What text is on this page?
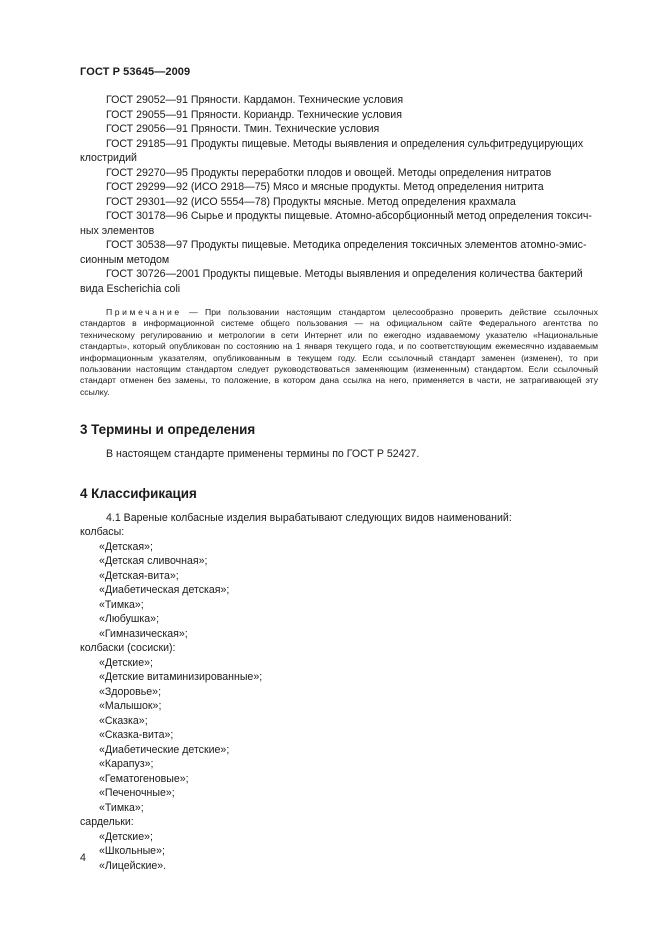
ГОСТ Р 53645—2009
ГОСТ 29052—91 Пряности. Кардамон. Технические условия
ГОСТ 29055—91 Пряности. Кориандр. Технические условия
ГОСТ 29056—91 Пряности. Тмин. Технические условия
ГОСТ 29185—91 Продукты пищевые. Методы выявления и определения сульфитредуцирующих
клостридий
ГОСТ 29270—95 Продукты переработки плодов и овощей. Методы определения нитратов
ГОСТ 29299—92 (ИСО 2918—75) Мясо и мясные продукты. Метод определения нитрита
ГОСТ 29301—92 (ИСО 5554—78) Продукты мясные. Метод определения крахмала
ГОСТ 30178—96 Сырье и продукты пищевые. Атомно-абсорбционный метод определения токсич-
ных элементов
ГОСТ 30538—97 Продукты пищевые. Методика определения токсичных элементов атомно-эмис-
сионным методом
ГОСТ 30726—2001 Продукты пищевые. Методы выявления и определения количества бактерий
вида Escherichia coli
Примечание — При пользовании настоящим стандартом целесообразно проверить действие ссылочных стандартов в информационной системе общего пользования — на официальном сайте Федерального агентства по техническому регулированию и метрологии в сети Интернет или по ежегодно издаваемому указателю «Национальные стандарты», который опубликован по состоянию на 1 января текущего года, и по соответствующим ежемесячно издаваемым информационным указателям, опубликованным в текущем году. Если ссылочный стандарт заменен (изменен), то при пользовании настоящим стандартом следует руководствоваться заменяющим (измененным) стандартом. Если ссылочный стандарт отменен без замены, то положение, в котором дана ссылка на него, применяется в части, не затрагивающей эту ссылку.
3 Термины и определения
В настоящем стандарте применены термины по ГОСТ Р 52427.
4 Классификация
4.1 Вареные колбасные изделия вырабатывают следующих видов наименований:
колбасы:
«Детская»;
«Детская сливочная»;
«Детская-вита»;
«Диабетическая детская»;
«Тимка»;
«Любушка»;
«Гимназическая»;
колбаски (сосиски):
«Детские»;
«Детские витаминизированные»;
«Здоровье»;
«Малышок»;
«Сказка»;
«Сказка-вита»;
«Диабетические детские»;
«Карапуз»;
«Гематогеновые»;
«Печеночные»;
«Тимка»;
сардельки:
«Детские»;
«Школьные»;
«Лицейские».
4
